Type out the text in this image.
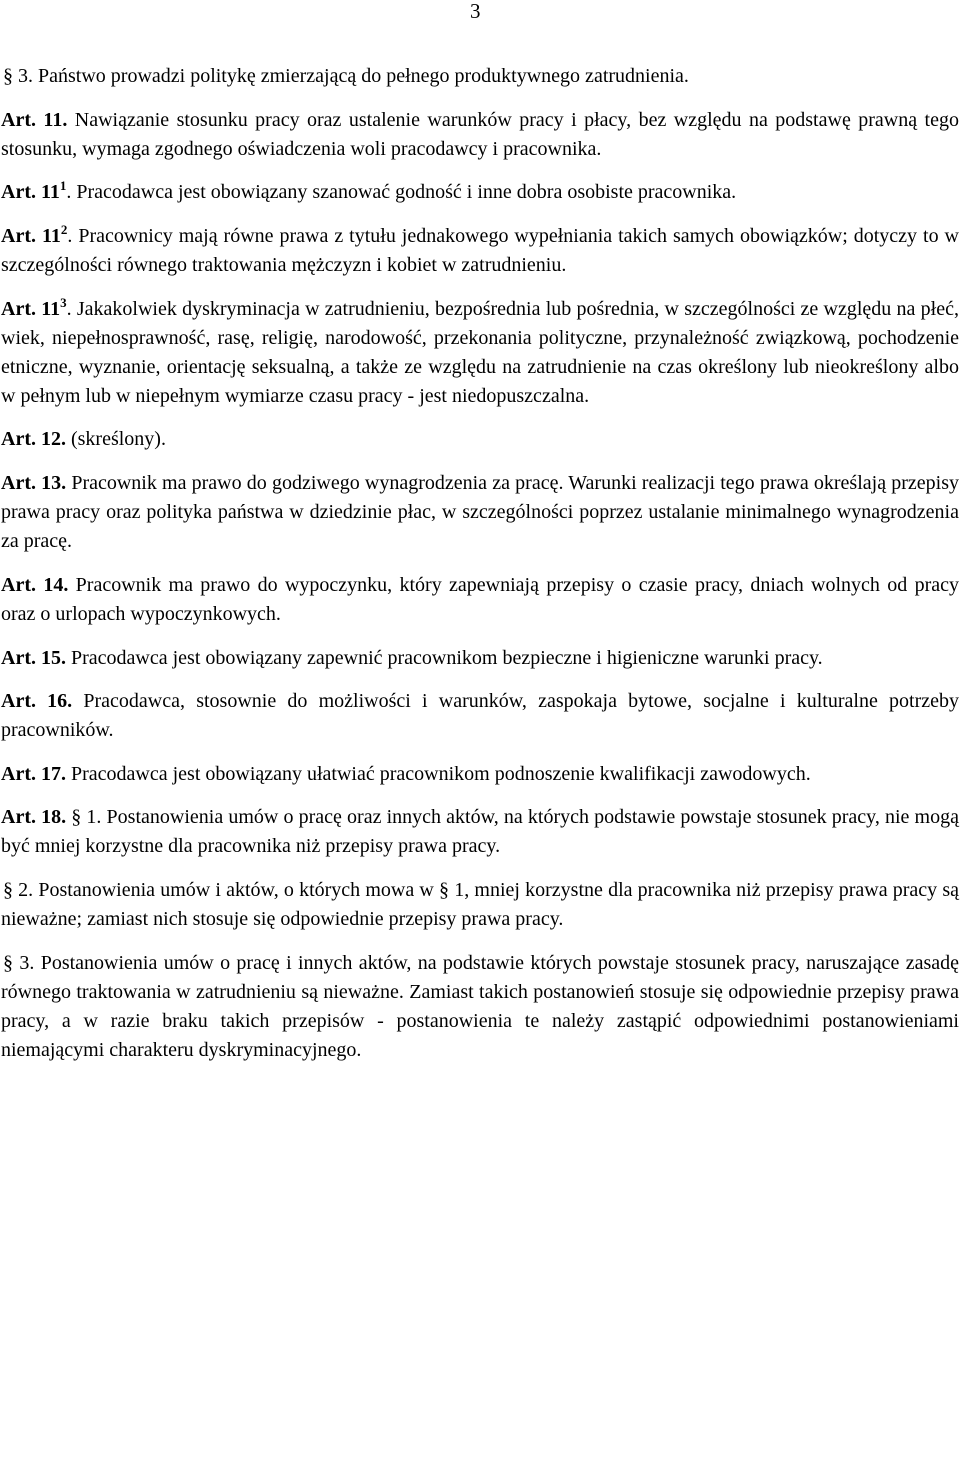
3

§ 3. Państwo prowadzi politykę zmierzającą do pełnego produktywnego zatrudnienia.

Art. 11. Nawiązanie stosunku pracy oraz ustalenie warunków pracy i płacy, bez względu na podstawę prawną tego stosunku, wymaga zgodnego oświadczenia woli pracodawcy i pracownika.

Art. $11^1$. Pracodawca jest obowiązany szanować godność i inne dobra osobiste pracownika.

Art. $11^2$. Pracownicy mają równe prawa z tytułu jednakowego wypełniania takich samych obowiązków; dotyczy to w szczególności równego traktowania mężczyzn i kobiet w zatrudnieniu.

Art. $11^3$. Jakakolwiek dyskryminacja w zatrudnieniu, bezpośrednia lub pośrednia, w szczególności ze względu na płeć, wiek, niepełnosprawność, rasę, religię, narodowość, przekonania polityczne, przynależność związkową, pochodzenie etniczne, wyznanie, orientację seksualną, a także ze względu na zatrudnienie na czas określony lub nieokreślony albo w pełnym lub w niepełnym wymiarze czasu pracy - jest niedopuszczalna.

Art. 12. (skreślony).

Art. 13. Pracownik ma prawo do godziwego wynagrodzenia za pracę. Warunki realizacji tego prawa określają przepisy prawa pracy oraz polityka państwa w dziedzinie płac, w szczególności poprzez ustalanie minimalnego wynagrodzenia za pracę.

Art. 14. Pracownik ma prawo do wypoczynku, który zapewniają przepisy o czasie pracy, dniach wolnych od pracy oraz o urlopach wypoczynkowych.

Art. 15. Pracodawca jest obowiązany zapewnić pracownikom bezpieczne i higieniczne warunki pracy.

Art. 16. Pracodawca, stosownie do możliwości i warunków, zaspokaja bytowe, socjalne i kulturalne potrzeby pracowników.

Art. 17. Pracodawca jest obowiązany ułatwiać pracownikom podnoszenie kwalifikacji zawodowych.

Art. 18. § 1. Postanowienia umów o pracę oraz innych aktów, na których podstawie powstaje stosunek pracy, nie mogą być mniej korzystne dla pracownika niż przepisy prawa pracy.

§ 2. Postanowienia umów i aktów, o których mowa w § 1, mniej korzystne dla pracownika niż przepisy prawa pracy są nieważne; zamiast nich stosuje się odpowiednie przepisy prawa pracy.

§ 3. Postanowienia umów o pracę i innych aktów, na podstawie których powstaje stosunek pracy, naruszające zasadę równego traktowania w zatrudnieniu są nieważne. Zamiast takich postanowień stosuje się odpowiednie przepisy prawa pracy, a w razie braku takich przepisów - postanowienia te należy zastąpić odpowiednimi postanowieniami niemającymi charakteru dyskryminacyjnego.
